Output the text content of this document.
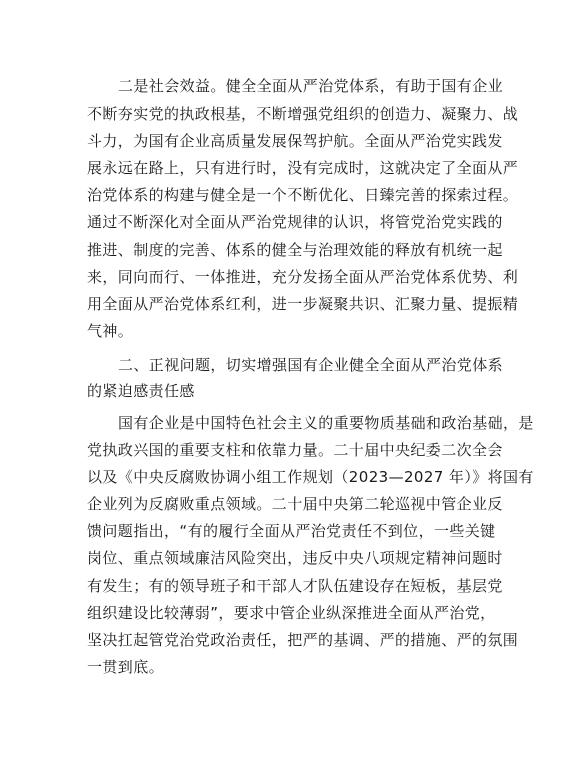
二是社会效益。健全全面从严治党体系，有助于国有企业
不断夯实党的执政根基，不断增强党组织的创造力、凝聚力、战
斗力，为国有企业高质量发展保驾护航。全面从严治党实践发
展永远在路上，只有进行时，没有完成时，这就决定了全面从严
治党体系的构建与健全是一个不断优化、日臻完善的探索过程。
通过不断深化对全面从严治党规律的认识，将管党治党实践的
推进、制度的完善、体系的健全与治理效能的释放有机统一起
来，同向而行、一体推进，充分发扬全面从严治党体系优势、利
用全面从严治党体系红利，进一步凝聚共识、汇聚力量、提振精
气神。
二、正视问题，切实增强国有企业健全全面从严治党体系
的紧迫感责任感
国有企业是中国特色社会主义的重要物质基础和政治基础，是
党执政兴国的重要支柱和依靠力量。二十届中央纪委二次全会
以及《中央反腐败协调小组工作规划（2023—2027 年）》将国有
企业列为反腐败重点领域。二十届中央第二轮巡视中管企业反
馈问题指出，“有的履行全面从严治党责任不到位，一些关键
岗位、重点领域廉洁风险突出，违反中央八项规定精神问题时
有发生；有的领导班子和干部人才队伍建设存在短板，基层党
组织建设比较薄弱”，要求中管企业纵深推进全面从严治党，
坚决扛起管党治党政治责任，把严的基调、严的措施、严的氛围
一贯到底。
